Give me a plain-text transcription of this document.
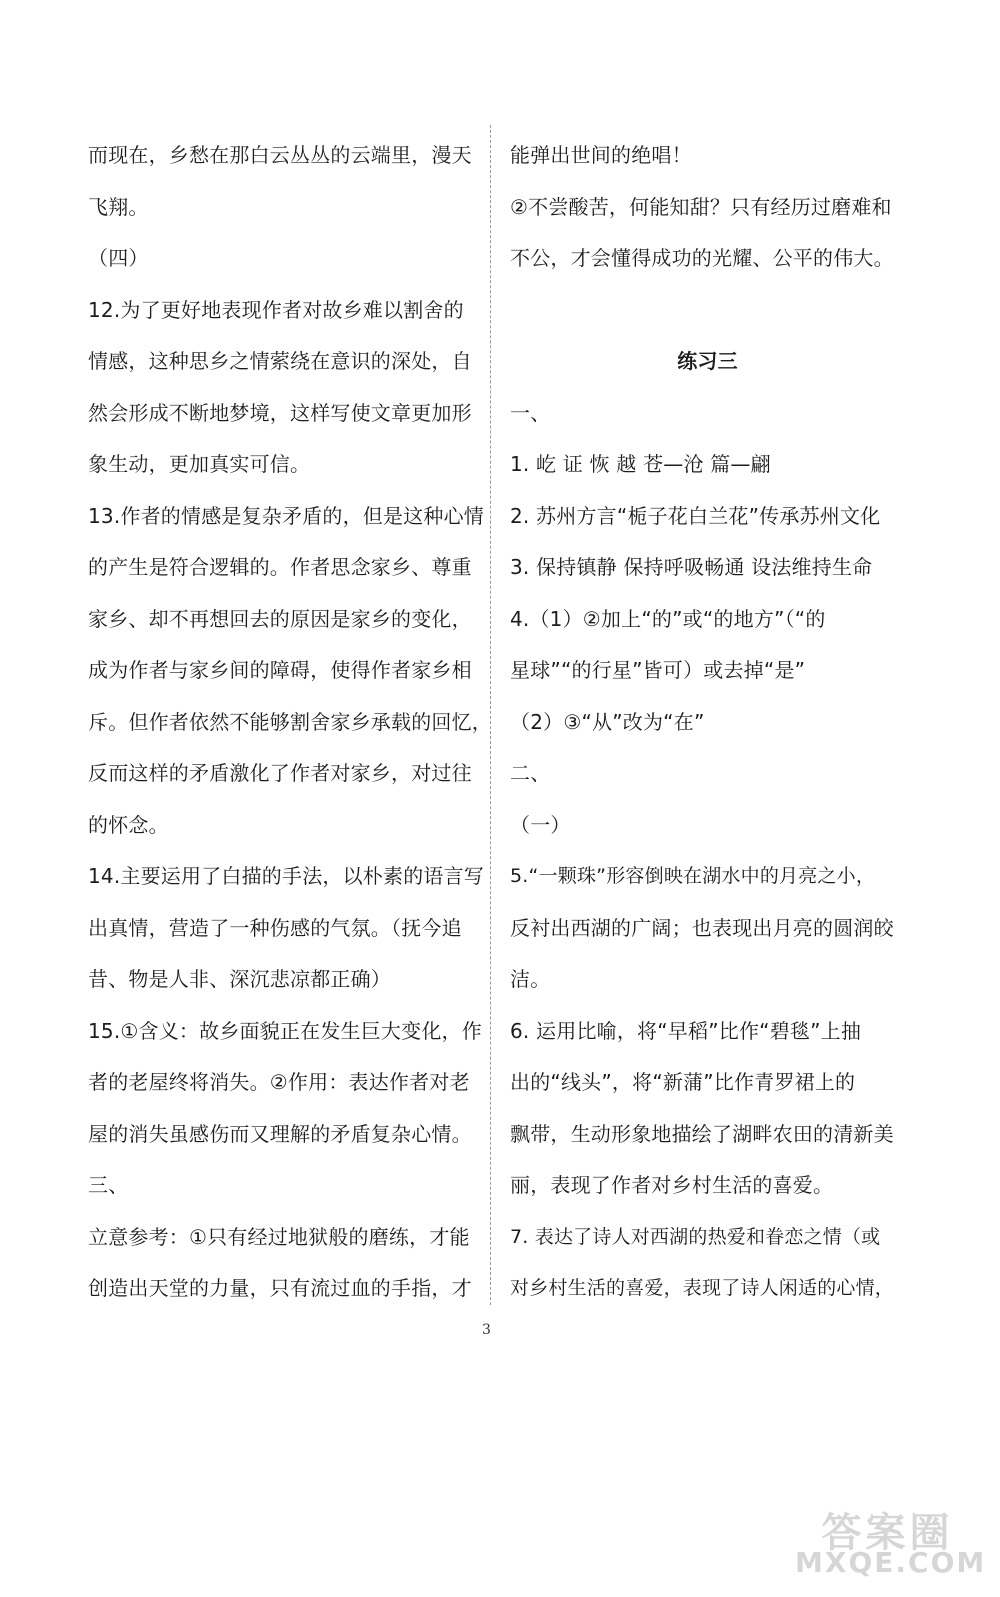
而现在，乡愁在那白云丛丛的云端里，漫天
飞翔。
（四）
12.为了更好地表现作者对故乡难以割舍的
情感，这种思乡之情萦绕在意识的深处，自
然会形成不断地梦境，这样写使文章更加形
象生动，更加真实可信。
13.作者的情感是复杂矛盾的，但是这种心情
的产生是符合逻辑的。作者思念家乡、尊重
家乡、却不再想回去的原因是家乡的变化，
成为作者与家乡间的障碍，使得作者家乡相
斥。但作者依然不能够割舍家乡承载的回忆，
反而这样的矛盾激化了作者对家乡，对过往
的怀念。
14.主要运用了白描的手法，以朴素的语言写
出真情，营造了一种伤感的气氛。（抚今追
昔、物是人非、深沉悲凉都正确）
15.①含义：故乡面貌正在发生巨大变化，作
者的老屋终将消失。②作用：表达作者对老
屋的消失虽感伤而又理解的矛盾复杂心情。
三、
立意参考：①只有经过地狱般的磨练，才能
创造出天堂的力量，只有流过血的手指，才
能弹出世间的绝唱！
②不尝酸苦，何能知甜？只有经历过磨难和
不公，才会懂得成功的光耀、公平的伟大。
练习三
一、
1. 屹 证 恢 越 苍—沧 篇—翩
2. 苏州方言“栀子花白兰花”传承苏州文化
3. 保持镇静 保持呼吸畅通 设法维持生命
4.（1）②加上“的”或“的地方”（“的
星球”“的行星”皆可）或去掉“是”
（2）③“从”改为“在”
二、
（一）
5.“一颗珠”形容倒映在湖水中的月亮之小，
反衬出西湖的广阔；也表现出月亮的圆润皎
洁。
6. 运用比喻，将“早稻”比作“碧毯”上抽
出的“线头”，将“新蒲”比作青罗裙上的
飘带，生动形象地描绘了湖畔农田的清新美
丽，表现了作者对乡村生活的喜爱。
7. 表达了诗人对西湖的热爱和眷恋之情（或
对乡村生活的喜爱，表现了诗人闲适的心情，
3
答案圈
MXQE.COM
